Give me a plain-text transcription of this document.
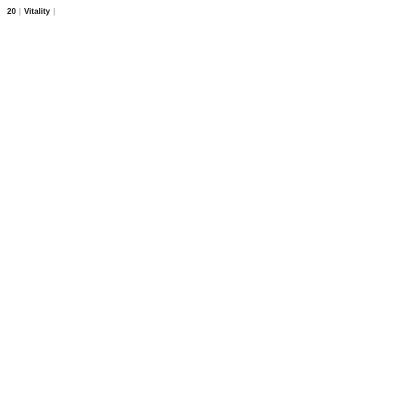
20 | Vitality |
